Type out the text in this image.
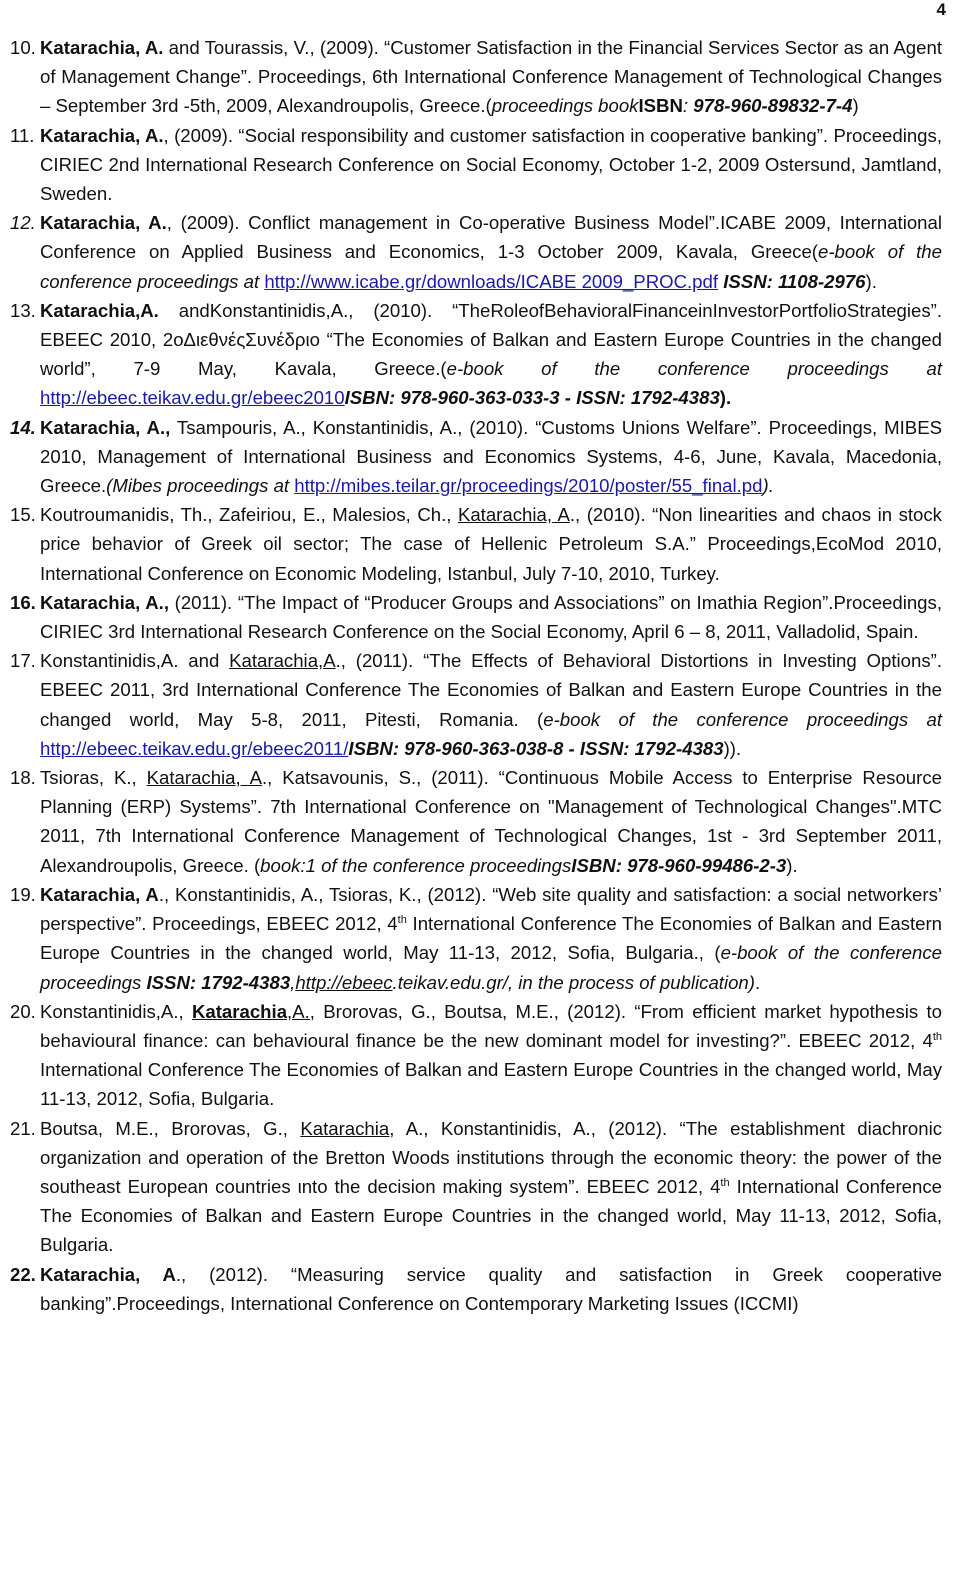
4
10. Katarachia, A. and Tourassis, V., (2009). “Customer Satisfaction in the Financial Services Sector as an Agent of Management Change”. Proceedings, 6th International Conference Management of Technological Changes – September 3rd -5th, 2009, Alexandroupolis, Greece.(proceedings bookISBN: 978-960-89832-7-4)
11. Katarachia, A., (2009). “Social responsibility and customer satisfaction in cooperative banking”. Proceedings, CIRIEC 2nd International Research Conference on Social Economy, October 1-2, 2009 Ostersund, Jamtland, Sweden.
12. Katarachia, A., (2009). Conflict management in Co-operative Business Model”.ICABE 2009, International Conference on Applied Business and Economics, 1-3 October 2009, Kavala, Greece(e-book of the conference proceedings at http://www.icabe.gr/downloads/ICABE 2009_PROC.pdf ISSN: 1108-2976).
13. Katarachia,A. andKonstantinidis,A., (2010). “TheRoleofBehavioralFinanceinInvestorPortfolioStrategies”. EBEEC 2010, 2οΔιεθνέςΣυνέδριο “The Economies of Balkan and Eastern Europe Countries in the changed world”, 7-9 May, Kavala, Greece.(e-book of the conference proceedings at http://ebeec.teikav.edu.gr/ebeec2010ISBN: 978-960-363-033-3 - ISSN: 1792-4383).
14. Katarachia, A., Tsampouris, A., Konstantinidis, A., (2010). “Customs Unions Welfare”. Proceedings, MIBES 2010, Management of International Business and Economics Systems, 4-6, June, Kavala, Macedonia, Greece.(Mibes proceedings at http://mibes.teilar.gr/proceedings/2010/poster/55_final.pd).
15. Koutroumanidis, Th., Zafeiriou, E., Malesios, Ch., Katarachia, A., (2010). “Non linearities and chaos in stock price behavior of Greek oil sector; The case of Hellenic Petroleum S.A.” Proceedings,EcoMod 2010, International Conference on Economic Modeling, Istanbul, July 7-10, 2010, Turkey.
16. Katarachia, A., (2011). “The Impact of “Producer Groups and Associations” on Imathia Region”.Proceedings, CIRIEC 3rd International Research Conference on the Social Economy, April 6 – 8, 2011, Valladolid, Spain.
17. Konstantinidis,A. and Katarachia,A., (2011). “The Effects of Behavioral Distortions in Investing Options”. EBEEC 2011, 3rd International Conference The Economies of Balkan and Eastern Europe Countries in the changed world, May 5-8, 2011, Pitesti, Romania. (e-book of the conference proceedings at http://ebeec.teikav.edu.gr/ebeec2011/ISBN: 978-960-363-038-8 - ISSN: 1792-4383)).
18. Tsioras, K., Katarachia, A., Katsavounis, S., (2011). “Continuous Mobile Access to Enterprise Resource Planning (ERP) Systems”. 7th International Conference on "Management of Technological Changes".MTC 2011, 7th International Conference Management of Technological Changes, 1st - 3rd September 2011, Alexandroupolis, Greece. (book:1 of the conference proceedingsISBN: 978-960-99486-2-3).
19. Katarachia, A., Konstantinidis, A., Tsioras, K., (2012). “Web site quality and satisfaction: a social networkers’ perspective”. Proceedings, EBEEC 2012, 4th International Conference The Economies of Balkan and Eastern Europe Countries in the changed world, May 11-13, 2012, Sofia, Bulgaria., (e-book of the conference proceedings ISSN: 1792-4383,http://ebeec.teikav.edu.gr/, in the process of publication).
20. Konstantinidis,A., Katarachia,A., Brorovas, G., Boutsa, M.E., (2012). “From efficient market hypothesis to behavioural finance: can behavioural finance be the new dominant model for investing?”. EBEEC 2012, 4th International Conference The Economies of Balkan and Eastern Europe Countries in the changed world, May 11-13, 2012, Sofia, Bulgaria.
21. Boutsa, M.E., Brorovas, G., Katarachia, A., Konstantinidis, A., (2012). “The establishment diachronic organization and operation of the Bretton Woods institutions through the economic theory: the power of the southeast European countries ιnto the decision making system”. EBEEC 2012, 4th International Conference The Economies of Balkan and Eastern Europe Countries in the changed world, May 11-13, 2012, Sofia, Bulgaria.
22. Katarachia, A., (2012). “Measuring service quality and satisfaction in Greek cooperative banking”.Proceedings, International Conference on Contemporary Marketing Issues (ICCMI)
